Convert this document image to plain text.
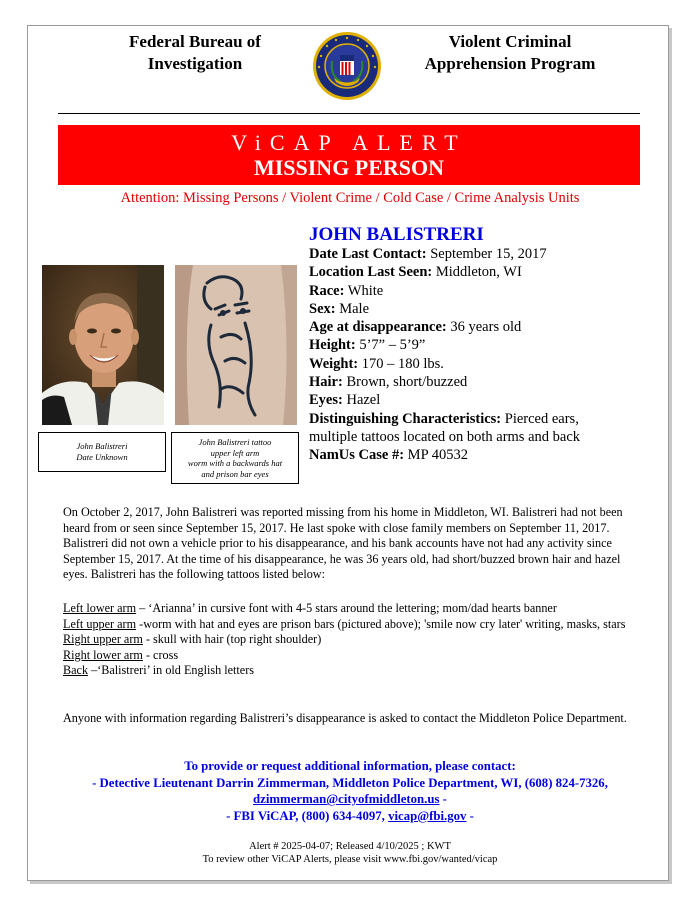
Federal Bureau of
Investigation
Violent Criminal
Apprehension Program
ViCAP ALERT
MISSING PERSON
Attention: Missing Persons / Violent Crime / Cold Case / Crime Analysis Units
John Balistreri
Date Unknown
John Balistreri tattoo
upper left arm
worm with a backwards hat
and prison bar eyes
JOHN BALISTRERI
Date Last Contact: September 15, 2017
Location Last Seen: Middleton, WI
Race: White
Sex: Male
Age at disappearance: 36 years old
Height: 5’7” – 5’9”
Weight: 170 – 180 lbs.
Hair: Brown, short/buzzed
Eyes: Hazel
Distinguishing Characteristics: Pierced ears,
multiple tattoos located on both arms and back
NamUs Case #: MP 40532
On October 2, 2017, John Balistreri was reported missing from his home in Middleton, WI. Balistreri had not been heard from or seen since September 15, 2017. He last spoke with close family members on September 11, 2017. Balistreri did not own a vehicle prior to his disappearance, and his bank accounts have not had any activity since September 15, 2017. At the time of his disappearance, he was 36 years old, had short/buzzed brown hair and hazel eyes. Balistreri has the following tattoos listed below:
Left lower arm – ‘Arianna’ in cursive font with 4-5 stars around the lettering; mom/dad hearts banner
Left upper arm -worm with hat and eyes are prison bars (pictured above); 'smile now cry later' writing, masks, stars
Right upper arm - skull with hair (top right shoulder)
Right lower arm - cross
Back –‘Balistreri’ in old English letters
Anyone with information regarding Balistreri’s disappearance is asked to contact the Middleton Police Department.
To provide or request additional information, please contact:
- Detective Lieutenant Darrin Zimmerman, Middleton Police Department, WI, (608) 824-7326,
dzimmerman@cityofmiddleton.us -
- FBI ViCAP, (800) 634-4097, vicap@fbi.gov -
Alert # 2025-04-07; Released 4/10/2025 ; KWT
To review other ViCAP Alerts, please visit www.fbi.gov/wanted/vicap
